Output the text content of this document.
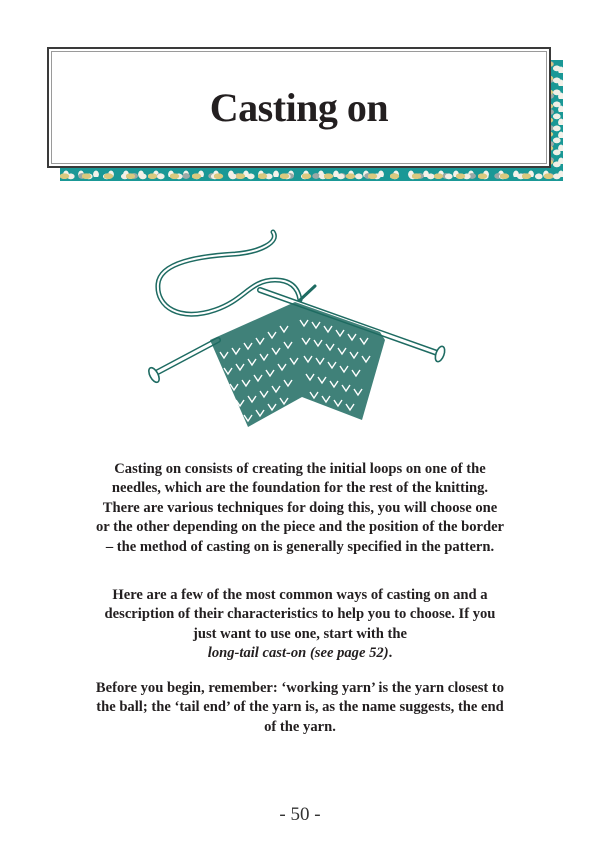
Casting on

Casting on consists of creating the initial loops on one of the needles, which are the foundation for the rest of the knitting. There are various techniques for doing this, you will choose one or the other depending on the piece and the position of the border – the method of casting on is generally specified in the pattern.

Here are a few of the most common ways of casting on and a description of their characteristics to help you to choose. If you just want to use one, start with the
long-tail cast-on (see page 52).

Before you begin, remember: ‘working yarn’ is the yarn closest to the ball; the ‘tail end’ of the yarn is, as the name suggests, the end of the yarn.

- 50 -
